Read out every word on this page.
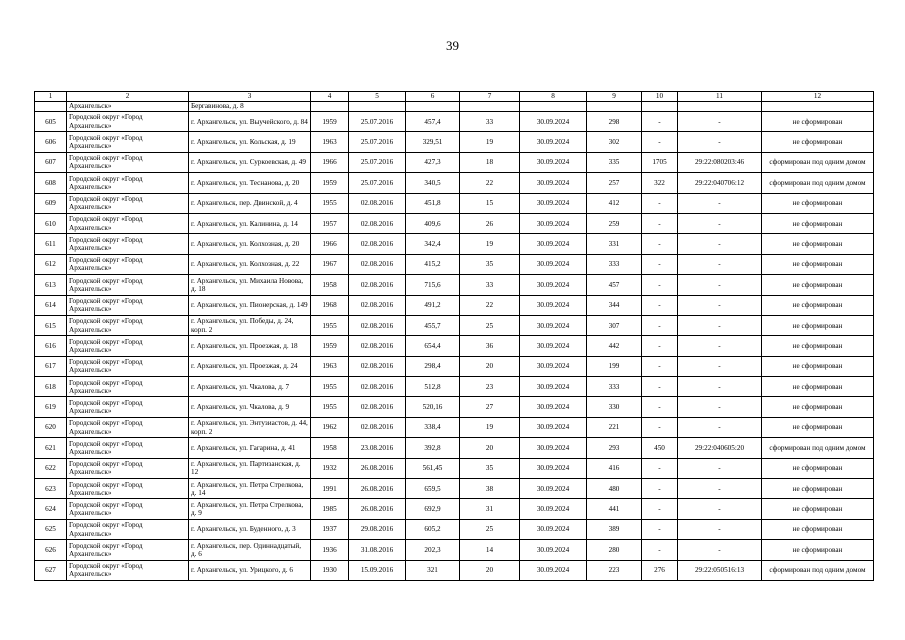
39
1	2	3	4	5	6	7	8	9	10	11	12
	Архангельск»	Бергавинова, д. 8									
605	Городской округ «Город Архангельск»	г. Архангельск, ул. Выучейского, д. 84	1959	25.07.2016	457,4	33	30.09.2024	298	-	-	не сформирован
606	Городской округ «Город Архангельск»	г. Архангельск, ул. Кольская, д. 19	1963	25.07.2016	329,51	19	30.09.2024	302	-	-	не сформирован
607	Городской округ «Город Архангельск»	г. Архангельск, ул. Суркоевская, д. 49	1966	25.07.2016	427,3	18	30.09.2024	335	1705	29:22:080203:46	сформирован под одним домом
608	Городской округ «Город Архангельск»	г. Архангельск, ул. Теснанова, д. 20	1959	25.07.2016	340,5	22	30.09.2024	257	322	29:22:040706:12	сформирован под одним домом
609	Городской округ «Город Архангельск»	г. Архангельск, пер. Двинской, д. 4	1955	02.08.2016	451,8	15	30.09.2024	412	-	-	не сформирован
610	Городской округ «Город Архангельск»	г. Архангельск, ул. Калинина, д. 14	1957	02.08.2016	409,6	26	30.09.2024	259	-	-	не сформирован
611	Городской округ «Город Архангельск»	г. Архангельск, ул. Колхозная, д. 20	1966	02.08.2016	342,4	19	30.09.2024	331	-	-	не сформирован
612	Городской округ «Город Архангельск»	г. Архангельск, ул. Колхозная, д. 22	1967	02.08.2016	415,2	35	30.09.2024	333	-	-	не сформирован
613	Городской округ «Город Архангельск»	г. Архангельск, ул. Михаила Новова, д. 18	1958	02.08.2016	715,6	33	30.09.2024	457	-	-	не сформирован
614	Городской округ «Город Архангельск»	г. Архангельск, ул. Пионерская, д. 149	1968	02.08.2016	491,2	22	30.09.2024	344	-	-	не сформирован
615	Городской округ «Город Архангельск»	г. Архангельск, ул. Победы, д. 24, корп. 2	1955	02.08.2016	455,7	25	30.09.2024	307	-	-	не сформирован
616	Городской округ «Город Архангельск»	г. Архангельск, ул. Проезжая, д. 18	1959	02.08.2016	654,4	36	30.09.2024	442	-	-	не сформирован
617	Городской округ «Город Архангельск»	г. Архангельск, ул. Проезжая, д. 24	1963	02.08.2016	298,4	20	30.09.2024	199	-	-	не сформирован
618	Городской округ «Город Архангельск»	г. Архангельск, ул. Чкалова, д. 7	1955	02.08.2016	512,8	23	30.09.2024	333	-	-	не сформирован
619	Городской округ «Город Архангельск»	г. Архангельск, ул. Чкалова, д. 9	1955	02.08.2016	520,16	27	30.09.2024	330	-	-	не сформирован
620	Городской округ «Город Архангельск»	г. Архангельск, ул. Энтузиастов, д. 44, корп. 2	1962	02.08.2016	338,4	19	30.09.2024	221	-	-	не сформирован
621	Городской округ «Город Архангельск»	г. Архангельск, ул. Гагарина, д. 41	1958	23.08.2016	392,8	20	30.09.2024	293	450	29:22:040605:20	сформирован под одним домом
622	Городской округ «Город Архангельск»	г. Архангельск, ул. Партизанская, д. 12	1932	26.08.2016	561,45	35	30.09.2024	416	-	-	не сформирован
623	Городской округ «Город Архангельск»	г. Архангельск, ул. Петра Стрелкова, д. 14	1991	26.08.2016	659,5	38	30.09.2024	480	-	-	не сформирован
624	Городской округ «Город Архангельск»	г. Архангельск, ул. Петра Стрелкова, д. 9	1985	26.08.2016	692,9	31	30.09.2024	441	-	-	не сформирован
625	Городской округ «Город Архангельск»	г. Архангельск, ул. Буденного, д. 3	1937	29.08.2016	605,2	25	30.09.2024	389	-	-	не сформирован
626	Городской округ «Город Архангельск»	г. Архангельск, пер. Одиннадцатый, д. 6	1936	31.08.2016	202,3	14	30.09.2024	280	-	-	не сформирован
627	Городской округ «Город Архангельск»	г. Архангельск, ул. Урицкого, д. 6	1930	15.09.2016	321	20	30.09.2024	223	276	29:22:050516:13	сформирован под одним домом
